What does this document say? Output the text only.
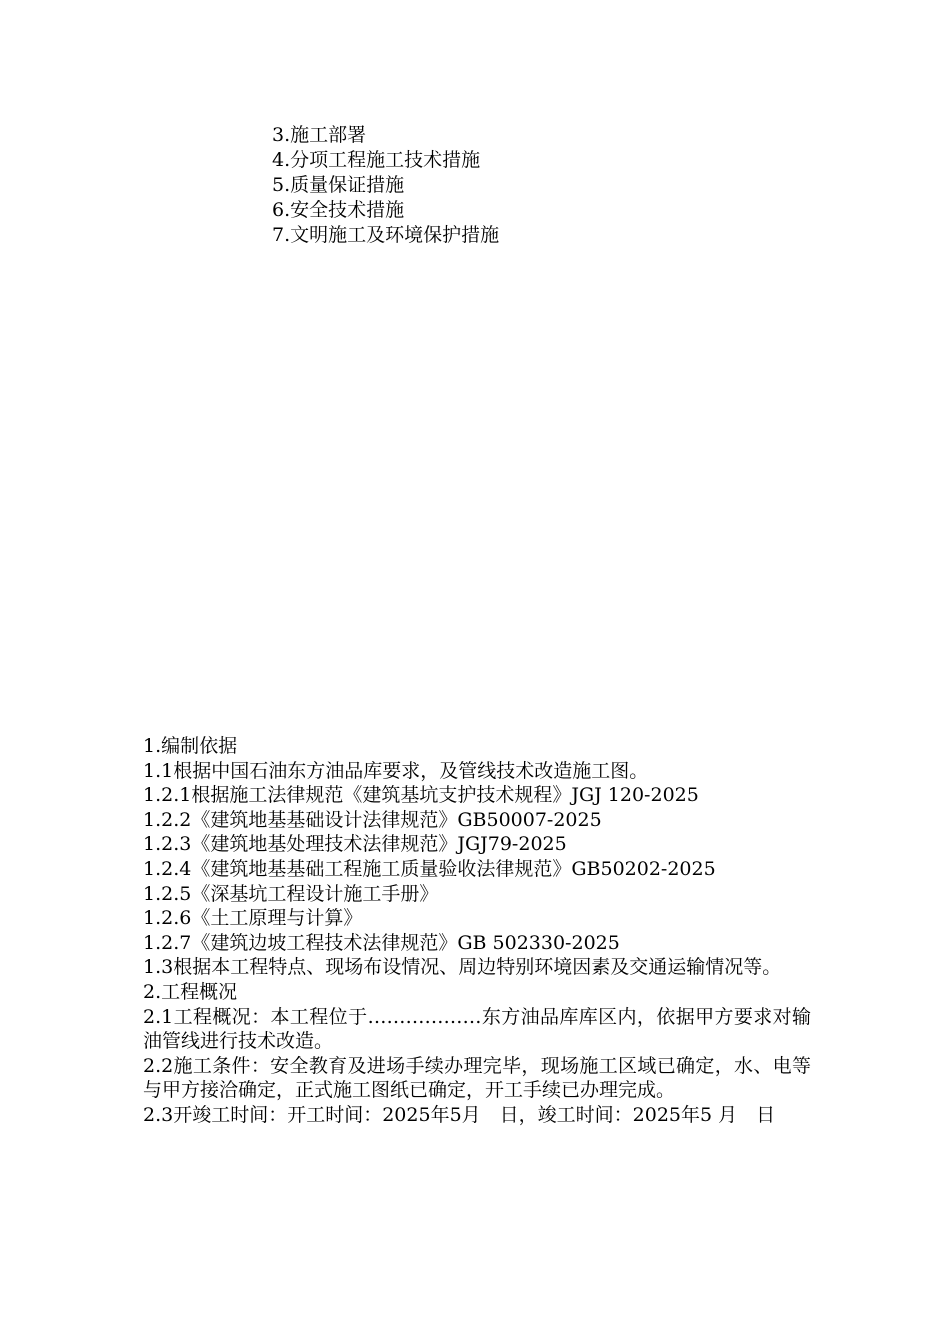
3.施工部署
4.分项工程施工技术措施
5.质量保证措施
6.安全技术措施
7.文明施工及环境保护措施
1.编制依据
1.1根据中国石油东方油品库要求，及管线技术改造施工图。
1.2.1根据施工法律规范《建筑基坑支护技术规程》JGJ 120-2025
1.2.2《建筑地基基础设计法律规范》GB50007-2025
1.2.3《建筑地基处理技术法律规范》JGJ79-2025
1.2.4《建筑地基基础工程施工质量验收法律规范》GB50202-2025
1.2.5《深基坑工程设计施工手册》
1.2.6《土工原理与计算》
1.2.7《建筑边坡工程技术法律规范》GB 502330-2025
1.3根据本工程特点、现场布设情况、周边特别环境因素及交通运输情况等。
2.工程概况
2.1工程概况：本工程位于………………东方油品库库区内，依据甲方要求对输油管线进行技术改造。
2.2施工条件：安全教育及进场手续办理完毕，现场施工区域已确定，水、电等与甲方接洽确定，正式施工图纸已确定，开工手续已办理完成。
2.3开竣工时间：开工时间：2025年5月　日，竣工时间：2025年5 月　日
